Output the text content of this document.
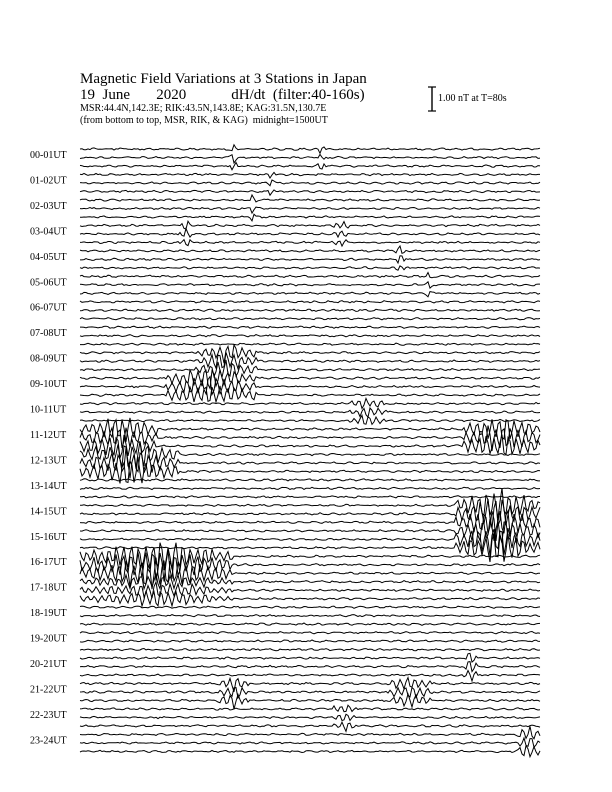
Magnetic Field Variations at 3 Stations in Japan
19 June 2020	dH/dt (filter:40-160s)
MSR:44.4N,142.3E; RIK:43.5N,143.8E; KAG:31.5N,130.7E
(from bottom to top, MSR, RIK, & KAG) midnight=1500UT
1.00 nT at T=80s
00-01UT
01-02UT
02-03UT
03-04UT
04-05UT
05-06UT
06-07UT
07-08UT
08-09UT
09-10UT
10-11UT
11-12UT
12-13UT
13-14UT
14-15UT
15-16UT
16-17UT
17-18UT
18-19UT
19-20UT
20-21UT
21-22UT
22-23UT
23-24UT
